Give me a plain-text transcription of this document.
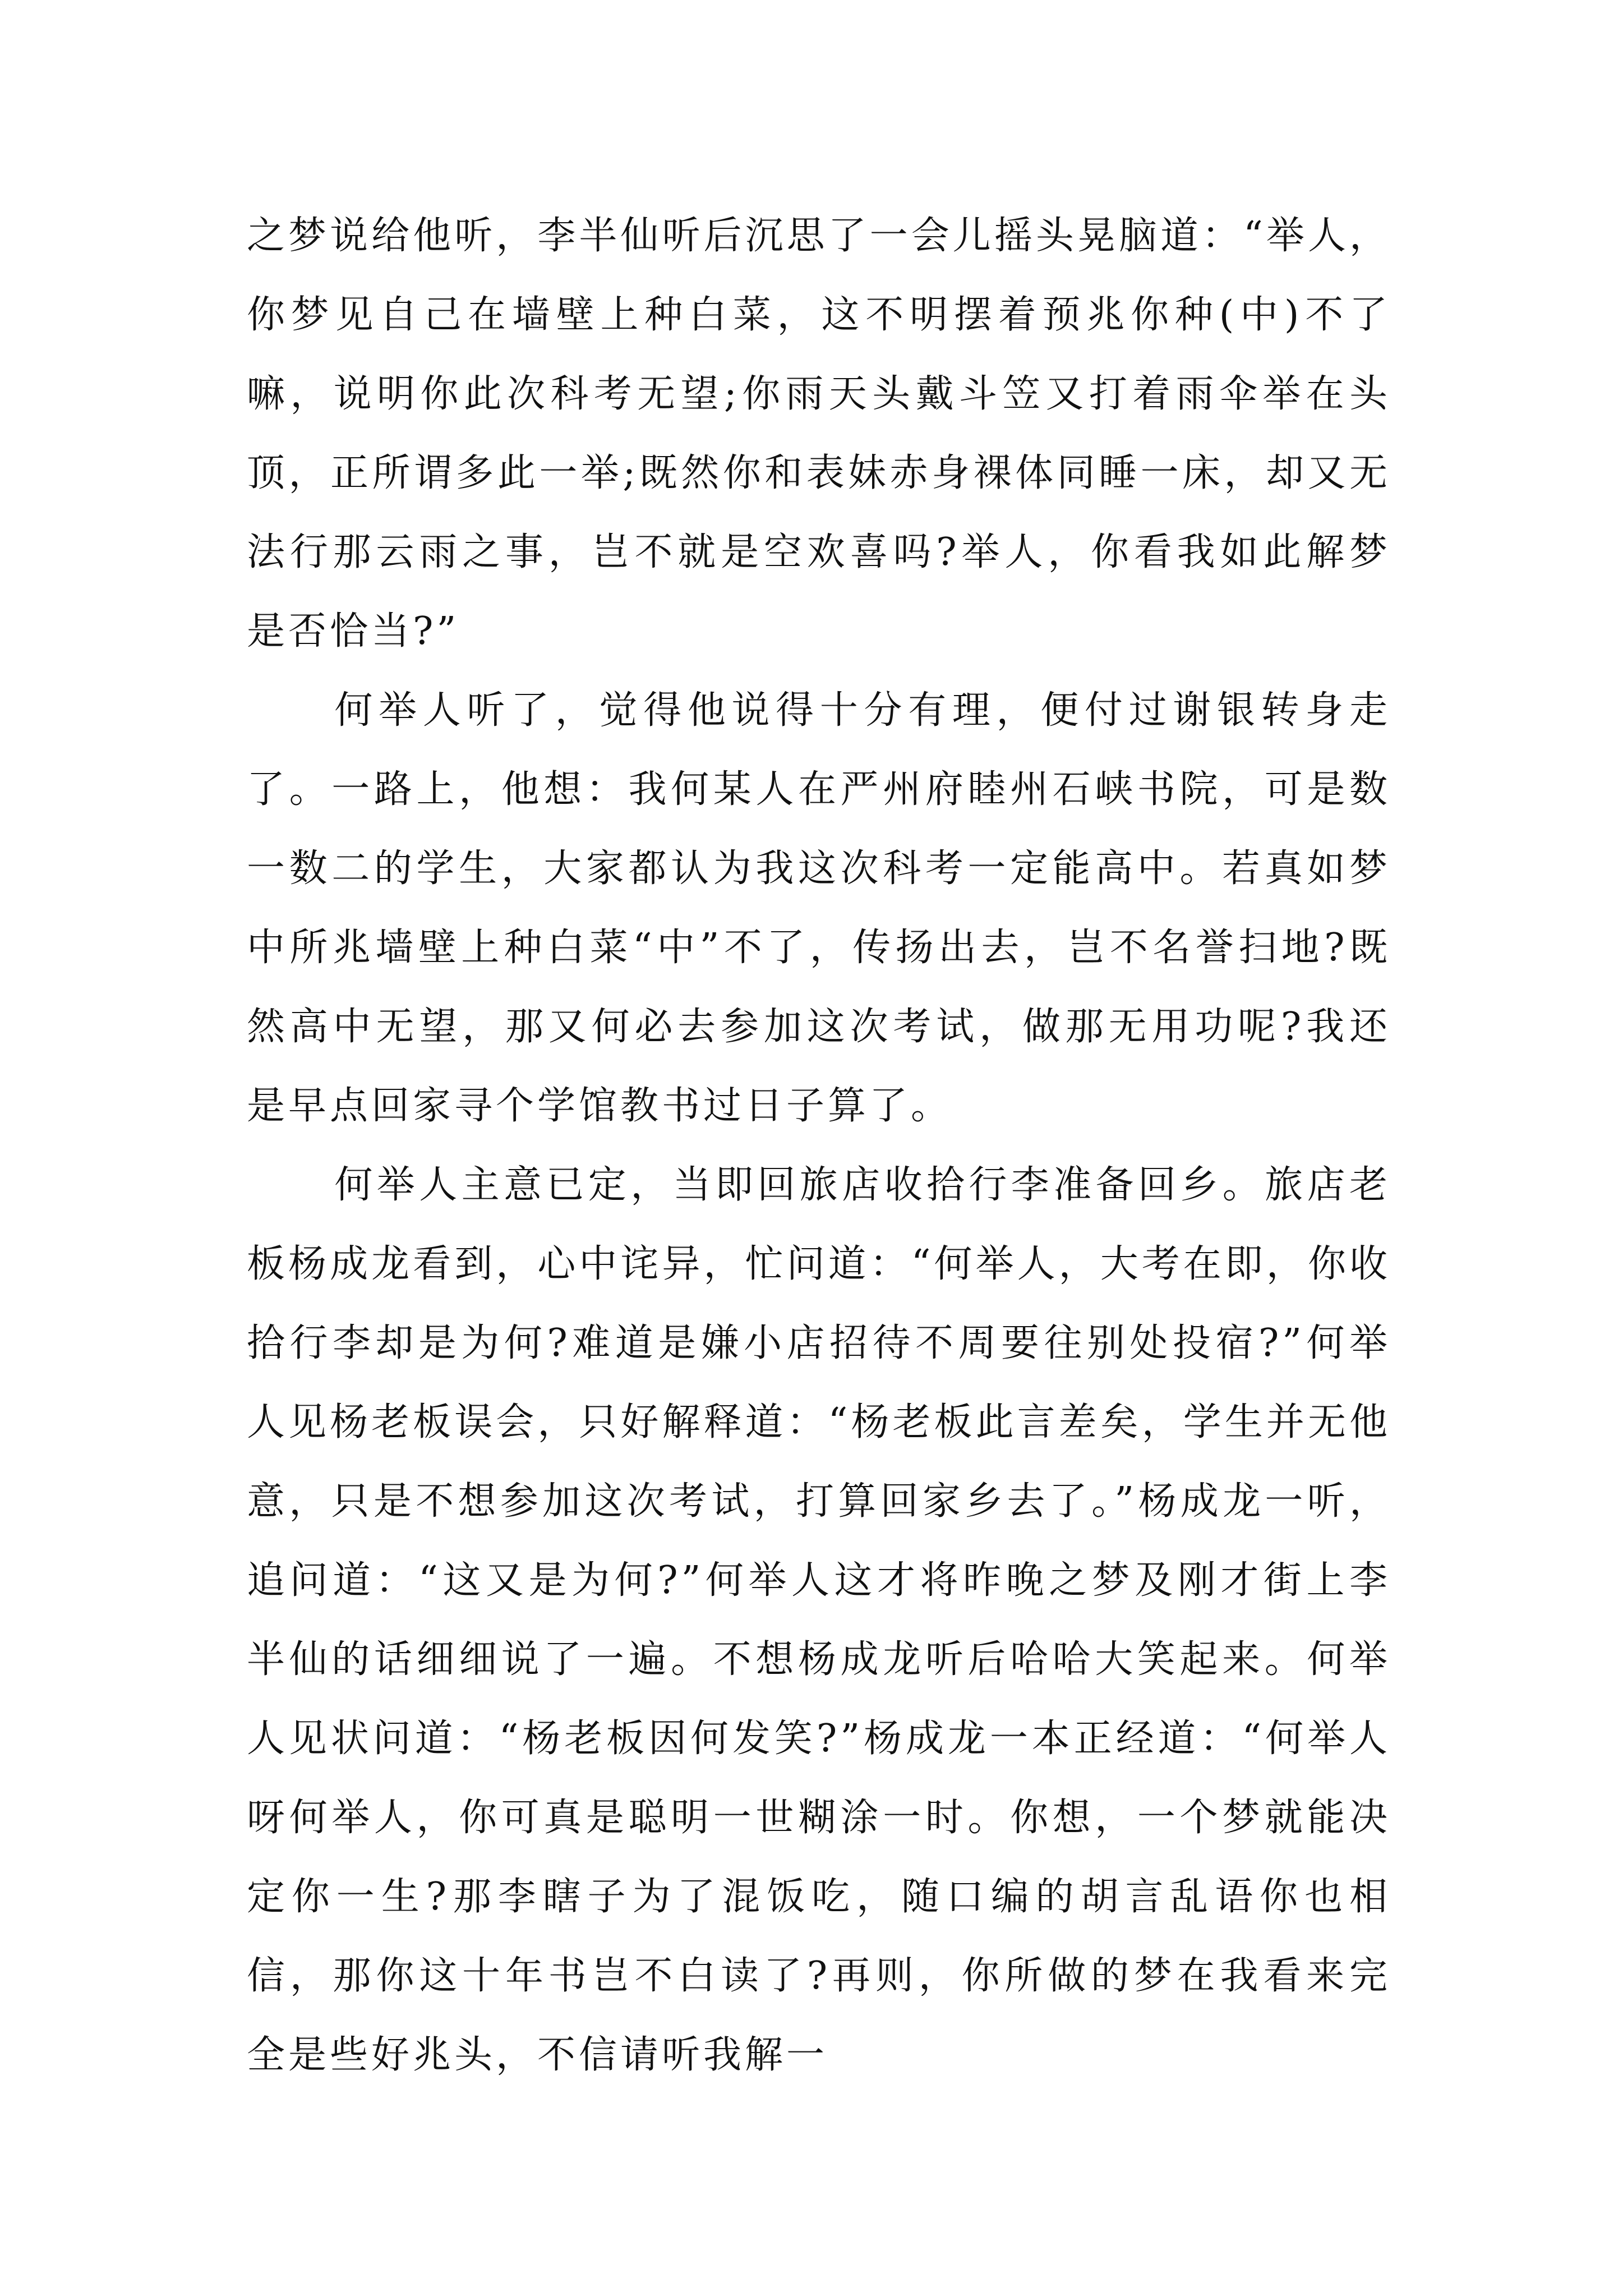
之梦说给他听，李半仙听后沉思了一会儿摇头晃脑道：“举人，你梦见自己在墙壁上种白菜，这不明摆着预兆你种(中)不了嘛，说明你此次科考无望;你雨天头戴斗笠又打着雨伞举在头顶，正所谓多此一举;既然你和表妹赤身裸体同睡一床，却又无法行那云雨之事，岂不就是空欢喜吗?举人，你看我如此解梦是否恰当?”

何举人听了，觉得他说得十分有理，便付过谢银转身走了。一路上，他想：我何某人在严州府睦州石峡书院，可是数一数二的学生，大家都认为我这次科考一定能高中。若真如梦中所兆墙壁上种白菜“中”不了，传扬出去，岂不名誉扫地?既然高中无望，那又何必去参加这次考试，做那无用功呢?我还是早点回家寻个学馆教书过日子算了。

何举人主意已定，当即回旅店收拾行李准备回乡。旅店老板杨成龙看到，心中诧异，忙问道：“何举人，大考在即，你收拾行李却是为何?难道是嫌小店招待不周要往别处投宿?”何举人见杨老板误会，只好解释道：“杨老板此言差矣，学生并无他意，只是不想参加这次考试，打算回家乡去了。”杨成龙一听，追问道：“这又是为何?”何举人这才将昨晚之梦及刚才街上李半仙的话细细说了一遍。不想杨成龙听后哈哈大笑起来。何举人见状问道：“杨老板因何发笑?”杨成龙一本正经道：“何举人呀何举人，你可真是聪明一世糊涂一时。你想，一个梦就能决定你一生?那李瞎子为了混饭吃，随口编的胡言乱语你也相信，那你这十年书岂不白读了?再则，你所做的梦在我看来完全是些好兆头，不信请听我解一
